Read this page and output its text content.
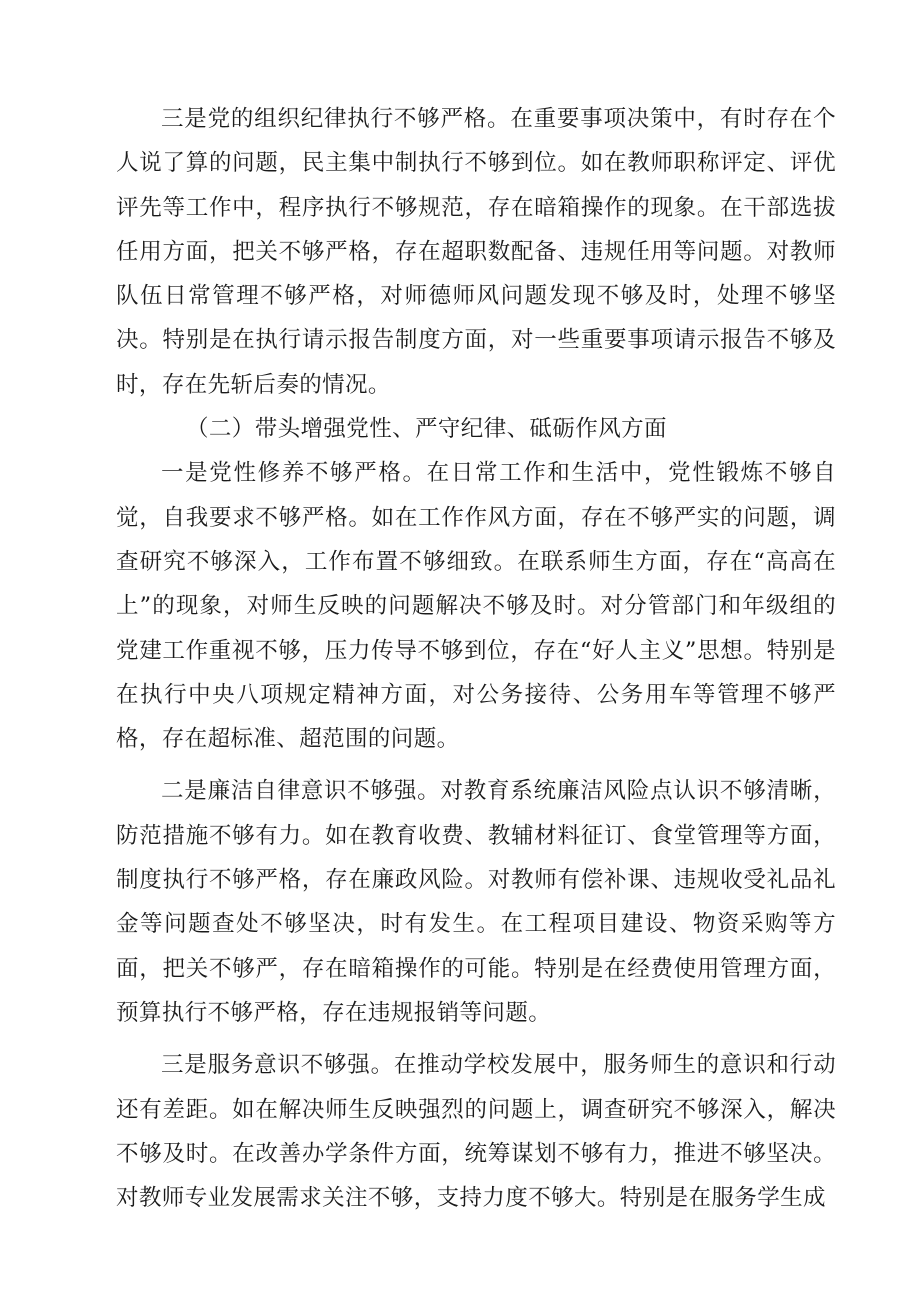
三是党的组织纪律执行不够严格。在重要事项决策中，有时存在个人说了算的问题，民主集中制执行不够到位。如在教师职称评定、评优评先等工作中，程序执行不够规范，存在暗箱操作的现象。在干部选拔任用方面，把关不够严格，存在超职数配备、违规任用等问题。对教师队伍日常管理不够严格，对师德师风问题发现不够及时，处理不够坚决。特别是在执行请示报告制度方面，对一些重要事项请示报告不够及时，存在先斩后奏的情况。
（二）带头增强党性、严守纪律、砥砺作风方面
一是党性修养不够严格。在日常工作和生活中，党性锻炼不够自觉，自我要求不够严格。如在工作作风方面，存在不够严实的问题，调查研究不够深入，工作布置不够细致。在联系师生方面，存在“高高在上”的现象，对师生反映的问题解决不够及时。对分管部门和年级组的党建工作重视不够，压力传导不够到位，存在“好人主义”思想。特别是在执行中央八项规定精神方面，对公务接待、公务用车等管理不够严格，存在超标准、超范围的问题。
二是廉洁自律意识不够强。对教育系统廉洁风险点认识不够清晰，防范措施不够有力。如在教育收费、教辅材料征订、食堂管理等方面，制度执行不够严格，存在廉政风险。对教师有偿补课、违规收受礼品礼金等问题查处不够坚决，时有发生。在工程项目建设、物资采购等方面，把关不够严，存在暗箱操作的可能。特别是在经费使用管理方面，预算执行不够严格，存在违规报销等问题。
三是服务意识不够强。在推动学校发展中，服务师生的意识和行动还有差距。如在解决师生反映强烈的问题上，调查研究不够深入，解决不够及时。在改善办学条件方面，统筹谋划不够有力，推进不够坚决。对教师专业发展需求关注不够，支持力度不够大。特别是在服务学生成
